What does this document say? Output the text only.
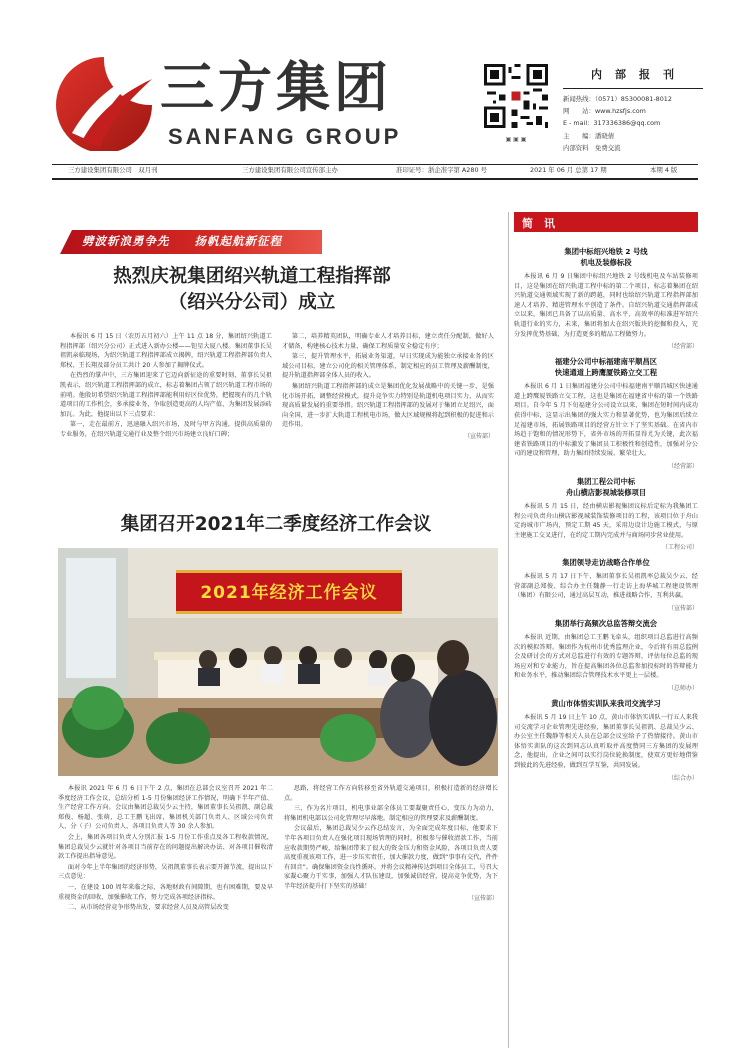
三方集团
SANFANG GROUP	▣ ▣ ▣
内　部　报　刊
新闻热线：（0571）85300081-8012
网　　站：www.hzsfjs.com
E - mail：317336386@qq.com
主　　编：潘晓倩
内部资料　免费交流
三方建设集团有限公司　双月刊	三方建设集团有限公司宣传部主办	准印证号：浙企准字第 A280 号	2021 年 06 月 总第 17 期	本期 4 版
劈波斩浪勇争先　　扬帆起航新征程
热烈庆祝集团绍兴轨道工程指挥部
（绍兴分公司）成立

本报讯 6 月 15 日（农历五月初六）上午 11 点 18 分，集团绍兴轨道工程指挥部（绍兴分公司）正式进入新办公楼——钜星大厦八楼。集团董事长吴祖凯亲临现场，为绍兴轨道工程指挥部成立揭牌，绍兴轨道工程指挥部负责人郑权、王长翔及部分员工共计 20 人参加了揭牌仪式。

在热烈的掌声中，三方集团迎来了它迈向新征途的重要时刻，董事长吴祖凯表示，绍兴轨道工程指挥部的成立，标志着集团占领了绍兴轨道工程市场的前哨。他殷切希望绍兴轨道工程指挥部能利用好区位优势，把握现有的几个轨道项目的工作机会，多承接业务，争取创造更高的人均产值，为集团发展添砖加瓦。为此，他提出以下三点要求：

第一，走在最前方，迅速融入绍兴市场，及时与甲方沟通，提供高质量的专业服务，在绍兴轨道交通行业及整个绍兴市场建立良好口碑；

第二，培养精英团队，明确专业人才培养目标，建立责任分配制，做好人才储备，构建核心技术力量，确保工程质量安全稳定有序；

第三，提升管理水平，拓展业务渠道，早日实现成为能独立承接业务的区域公司目标，建立公司化的相关管理体系，制定相应的员工管理及薪酬制度，提升轨道指挥部全体人员的收入。

集团绍兴轨道工程指挥部的成立是集团优化发展战略中的关键一步，是强化市场开拓，调整经营模式，提升竞争实力特别是轨道机电项目实力，从而实现高质量发展的重要举措。绍兴轨道工程指挥部的发展对于集团立足绍兴，面向全国，进一步扩大轨道工程机电市场，做大区域规模将起到积极的促进和示范作用。

（宣传部）
集团召开2021年二季度经济工作会议
2021年经济工作会议

本报讯 2021 年 6 月 6 日下午 2 点，集团在总部会议室召开 2021 年二季度经济工作会议，总结分析 1-5 月份集团经济工作情况，明确下半年产值、生产经营工作方向。会议由集团总裁吴少云主持，集团董事长吴祖凯、副总裁郑俊、杨超、张萌，总工王鹏飞出席，集团机关部门负责人、区域公司负责人、分（子）公司负责人、各项目负责人等 30 余人参加。

会上，集团各项目负责人分别汇报 1-5 月份工作重点及各工程收款情况，集团总裁吴少云就针对各项目当前存在的问题提出解决办法、对各项目催收清款工作提出指导意见。

面对今年上半年集团的经济形势，吴祖凯董事长表示要开源节流，提出以下三点意见：

一、在建设 100 周年来临之际，各地财政有间隙期，也有困难期，要及早重视资金的回收，加强催收工作，努力完成各项经济指标。

二、从市场经营竞争形势出发，要求经营人员及高管层改变

思路，将经营工作方向转移至省外轨道交通项目，积极打造新的经济增长点。

三、作为名片项目，机电事业部全体员工要凝聚责任心，变压力为动力，将集团机电部以公司化管理尽早落地，制定相应的管理要求及薪酬制度。

会议最后，集团总裁吴少云作总结发言，为全面完成年度目标，他要求下半年各项目负责人在强化项目现场管理的同时，积极参与催收清款工作，当前应收款期势严峻，给集团带来了很大的资金压力和资金风险，各项目负责人要高度重视该项工作，进一步压实责任，加大催款力度，做到“事事有交代，件件有回音”。确保集团资金良性循环，并将会议精神传达到项目全体员工，号召大家凝心聚力干实事，加强人才队伍建设，加强诚信经营，提高竞争优势，为下半年经济提升打下坚实的基础！

（宣传部）
简　讯
集团中标绍兴地铁 2 号线
机电及装修标段

本报讯 6 月 9 日集团中标绍兴地铁 2 号线机电及车站装修项目，这是集团在绍兴轨道工程中标的第二个项目，标志着集团在绍兴轨道交通领域实现了新的跨越，同时也给绍兴轨道工程指挥部加速人才培养、精进管理水平创造了条件。自绍兴轨道交通指挥部成立以来，集团已具备了以高质量、高水平、高效率的标准进军绍兴轨道行业的实力，未来，集团将加大在绍兴版块的挖掘和投入，充分发挥优势基础，为打造更多的精品工程做努力。

（经营部）
福建分公司中标福建南平顺昌区
快速通道上跨鹰厦铁路立交工程

本报讯 6 月 1 日集团福建分公司中标福建南平顺昌城区快速通道上跨鹰厦铁路立交工程，这也是集团在福建省中标的第一个铁路项目。自今年 5 月下旬福建分公司设立以来，集团在短时间内成功获得中标，这显示出集团的强大实力和显著优势，也为集团后续立足福建市场，拓展铁路项目的经营方针立下了坚实基础。在省内市场趋于饱和的情况形势下，省外市场的开拓显得尤为关键，此次福建省铁路项目的中标激发了集团员工积极性和创造性，加强对分公司的建设和管理，助力集团持续发展、繁荣壮大。

（经营部）
集团工程公司中标
舟山横店影视城装修项目

本报讯 5 月 15 日，经由横店影视集团议标后定标为我集团工程公司负责舟山横店影视城装饰装修项目的工程，该项目位于舟山定海城市广场内，预定工期 45 天，采用边设计边施工模式，与原主建施工交叉进行，在约定工期内完成并与商场同步营业使用。

（工程公司）
集团领导走访战略合作单位

本报讯 5 月 17 日下午，集团董事长吴祖凯率总裁吴少云、经营部副总郑俊、综合办主任魏静一行走访上海华城工程建设管理（集团）有限公司，通过高层互动，推进战略合作，互利共赢。

（宣传部）
集团举行高频次总监答辩交流会

本报讯 近期，由集团总工王鹏飞牵头，组织项目总监进行高频次的模拟答辩。集团作为杭州市优秀监理企业，今后将有用总监例会及研讨会的方式对总监进行有效的专题答辩，评估每位总监的现场应对和专业能力，旨在提高集团各位总监参加投标时的答辩能力和业务水平，推动集团综合管理技术水平更上一层楼。

（总师办）
黄山市体悟实训队来我司交流学习

本报讯 5 月 19 日上午 10 点，黄山市体悟实训队一行五人来我司交流学习企业管理先进经验，集团董事长吴祖凯、总裁吴少云、办公室主任魏静等相关人员在总部会议室给予了热情接待。黄山市体悟实训队的这次到同志认真听取并高度赞同三方集团的发展理念，他提出，企业之间可以实行岗位轮换制度，使双方更好地借鉴到彼此的先进经验，做到互学互鉴，共同发展。

（综合办）
